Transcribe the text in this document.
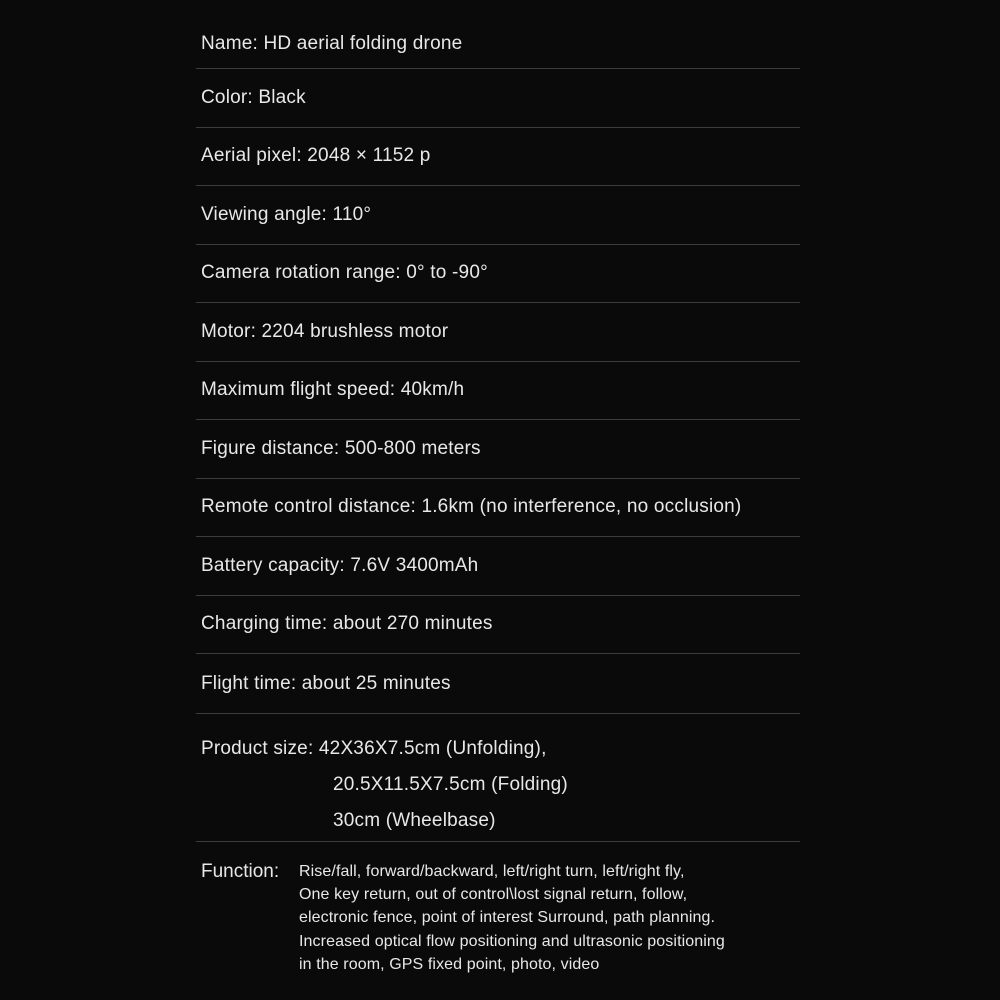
Name: HD aerial folding drone
Color: Black
Aerial pixel: 2048 × 1152 p
Viewing angle: 110°
Camera rotation range: 0° to -90°
Motor: 2204 brushless motor
Maximum flight speed: 40km/h
Figure distance: 500-800 meters
Remote control distance: 1.6km (no interference, no occlusion)
Battery capacity: 7.6V 3400mAh
Charging time: about 270 minutes
Flight time: about 25 minutes
Product size: 42X36X7.5cm (Unfolding),
20.5X11.5X7.5cm (Folding)
30cm (Wheelbase)
Function:	Rise/fall, forward/backward, left/right turn, left/right fly,
One key return, out of control\lost signal return, follow,
electronic fence, point of interest Surround, path planning.
Increased optical flow positioning and ultrasonic positioning
in the room, GPS fixed point, photo, video
